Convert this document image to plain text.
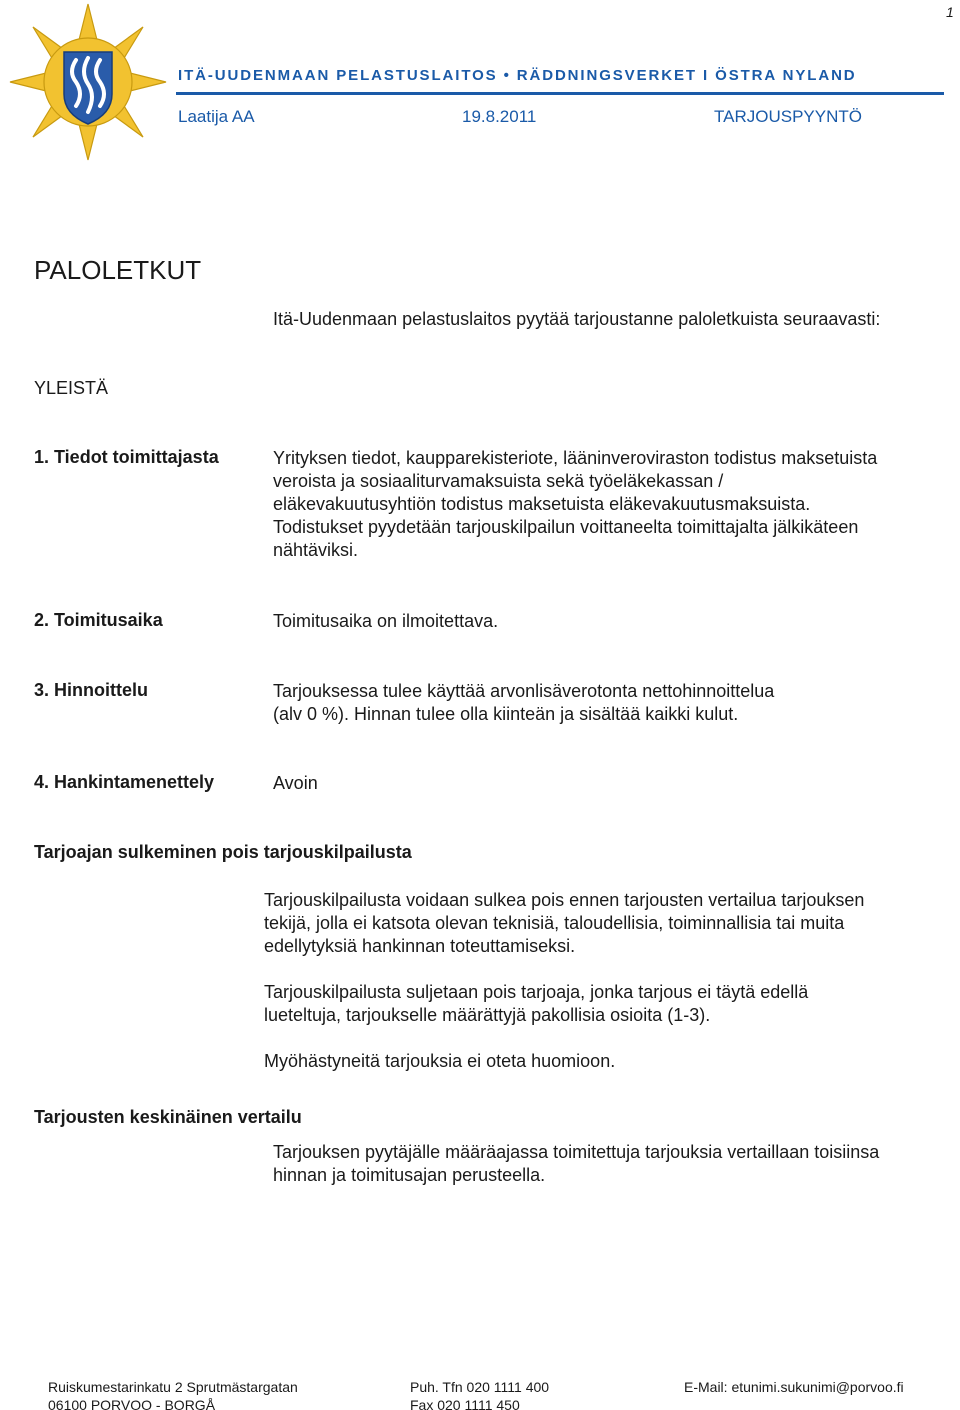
1
ITÄ-UUDENMAAN PELASTUSLAITOS • RÄDDNINGSVERKET I ÖSTRA NYLAND
Laatija AA	19.8.2011	TARJOUSPYYNTÖ
PALOLETKUT
Itä-Uudenmaan pelastuslaitos pyytää tarjoustanne paloletkuista seuraavasti:
YLEISTÄ
1. Tiedot toimittajasta	Yrityksen tiedot, kaupparekisteriote, lääninveroviraston todistus maksetuista
veroista ja sosiaaliturvamaksuista sekä työeläkekassan /
eläkevakuutusyhtiön todistus maksetuista eläkevakuutusmaksuista.
Todistukset pyydetään tarjouskilpailun voittaneelta toimittajalta jälkikäteen
nähtäviksi.
2. Toimitusaika	Toimitusaika on ilmoitettava.
3. Hinnoittelu	Tarjouksessa tulee käyttää arvonlisäverotonta nettohinnoittelua
(alv 0 %). Hinnan tulee olla kiinteän ja sisältää kaikki kulut.
4. Hankintamenettely	Avoin
Tarjoajan sulkeminen pois tarjouskilpailusta
Tarjouskilpailusta voidaan sulkea pois ennen tarjousten vertailua tarjouksen
tekijä, jolla ei katsota olevan teknisiä, taloudellisia, toiminnallisia tai muita
edellytyksiä hankinnan toteuttamiseksi.
Tarjouskilpailusta suljetaan pois tarjoaja, jonka tarjous ei täytä edellä
lueteltuja, tarjoukselle määrättyjä pakollisia osioita (1-3).
Myöhästyneitä tarjouksia ei oteta huomioon.
Tarjousten keskinäinen vertailu
Tarjouksen pyytäjälle määräajassa toimitettuja tarjouksia vertaillaan toisiinsa
hinnan ja toimitusajan perusteella.
Ruiskumestarinkatu 2 Sprutmästargatan
06100 PORVOO - BORGÅ
Puh. Tfn 020 1111 400
Fax 020 1111 450
E-Mail: etunimi.sukunimi@porvoo.fi
